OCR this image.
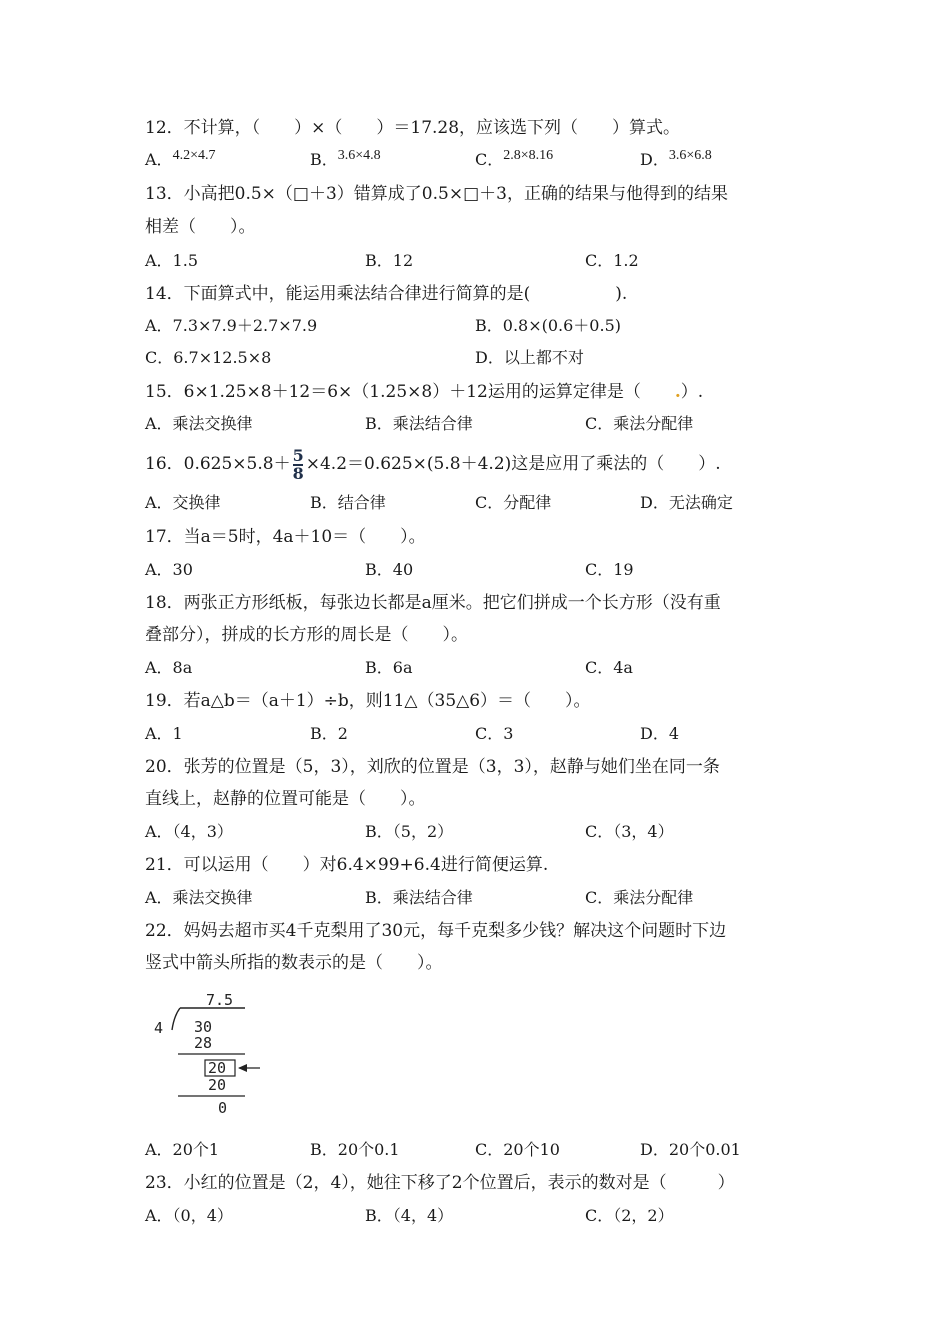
12．不计算，（　　）×（　　）＝17.28，应该选下列（　　）算式。
A．4.2×4.7	B．3.6×4.8	C．2.8×8.16	D．3.6×6.8
13．小高把0.5×（□＋3）错算成了0.5×□＋3，正确的结果与他得到的结果
相差（　　）。
A．1.5	B．12	C．1.2
14．下面算式中，能运用乘法结合律进行简算的是(　　　　　).
A．7.3×7.9＋2.7×7.9	B．0.8×(0.6＋0.5)
C．6.7×12.5×8	D．以上都不对
15．6×1.25×8＋12＝6×（1.25×8）＋12运用的运算定律是（　　.）.
A．乘法交换律	B．乘法结合律	C．乘法分配律
16．$0.625\times 5.8+ \frac{5}{8} \times 4.2=0.625\times(5.8+4.2)$这是应用了乘法的（　　）.
A．交换律	B．结合律	C．分配律	D．无法确定
17．当a＝5时，4a＋10＝（　　）。
A．30	B．40	C．19
18．两张正方形纸板，每张边长都是a厘米。把它们拼成一个长方形（没有重
叠部分），拼成的长方形的周长是（　　）。
A．8a	B．6a	C．4a
19．若a△b＝（a＋1）÷b，则11△（35△6）＝（　　）。
A．1	B．2	C．3	D．4
20．张芳的位置是（5，3），刘欣的位置是（3，3），赵静与她们坐在同一条
直线上，赵静的位置可能是（　　）。
A．（4，3）	B．（5，2）	C．（3，4）
21．可以运用（　　）对6.4×99+6.4进行简便运算.
A．乘法交换律	B．乘法结合律	C．乘法分配律
22．妈妈去超市买4千克梨用了30元，每千克梨多少钱？解决这个问题时下边
竖式中箭头所指的数表示的是（　　）。
7.5
4 30
28
20
20
0
A．20个1	B．20个0.1	C．20个10	D．20个0.01
23．小红的位置是（2，4），她往下移了2个位置后，表示的数对是（　　　）
A．（0，4）	B．（4，4）	C．（2，2）
